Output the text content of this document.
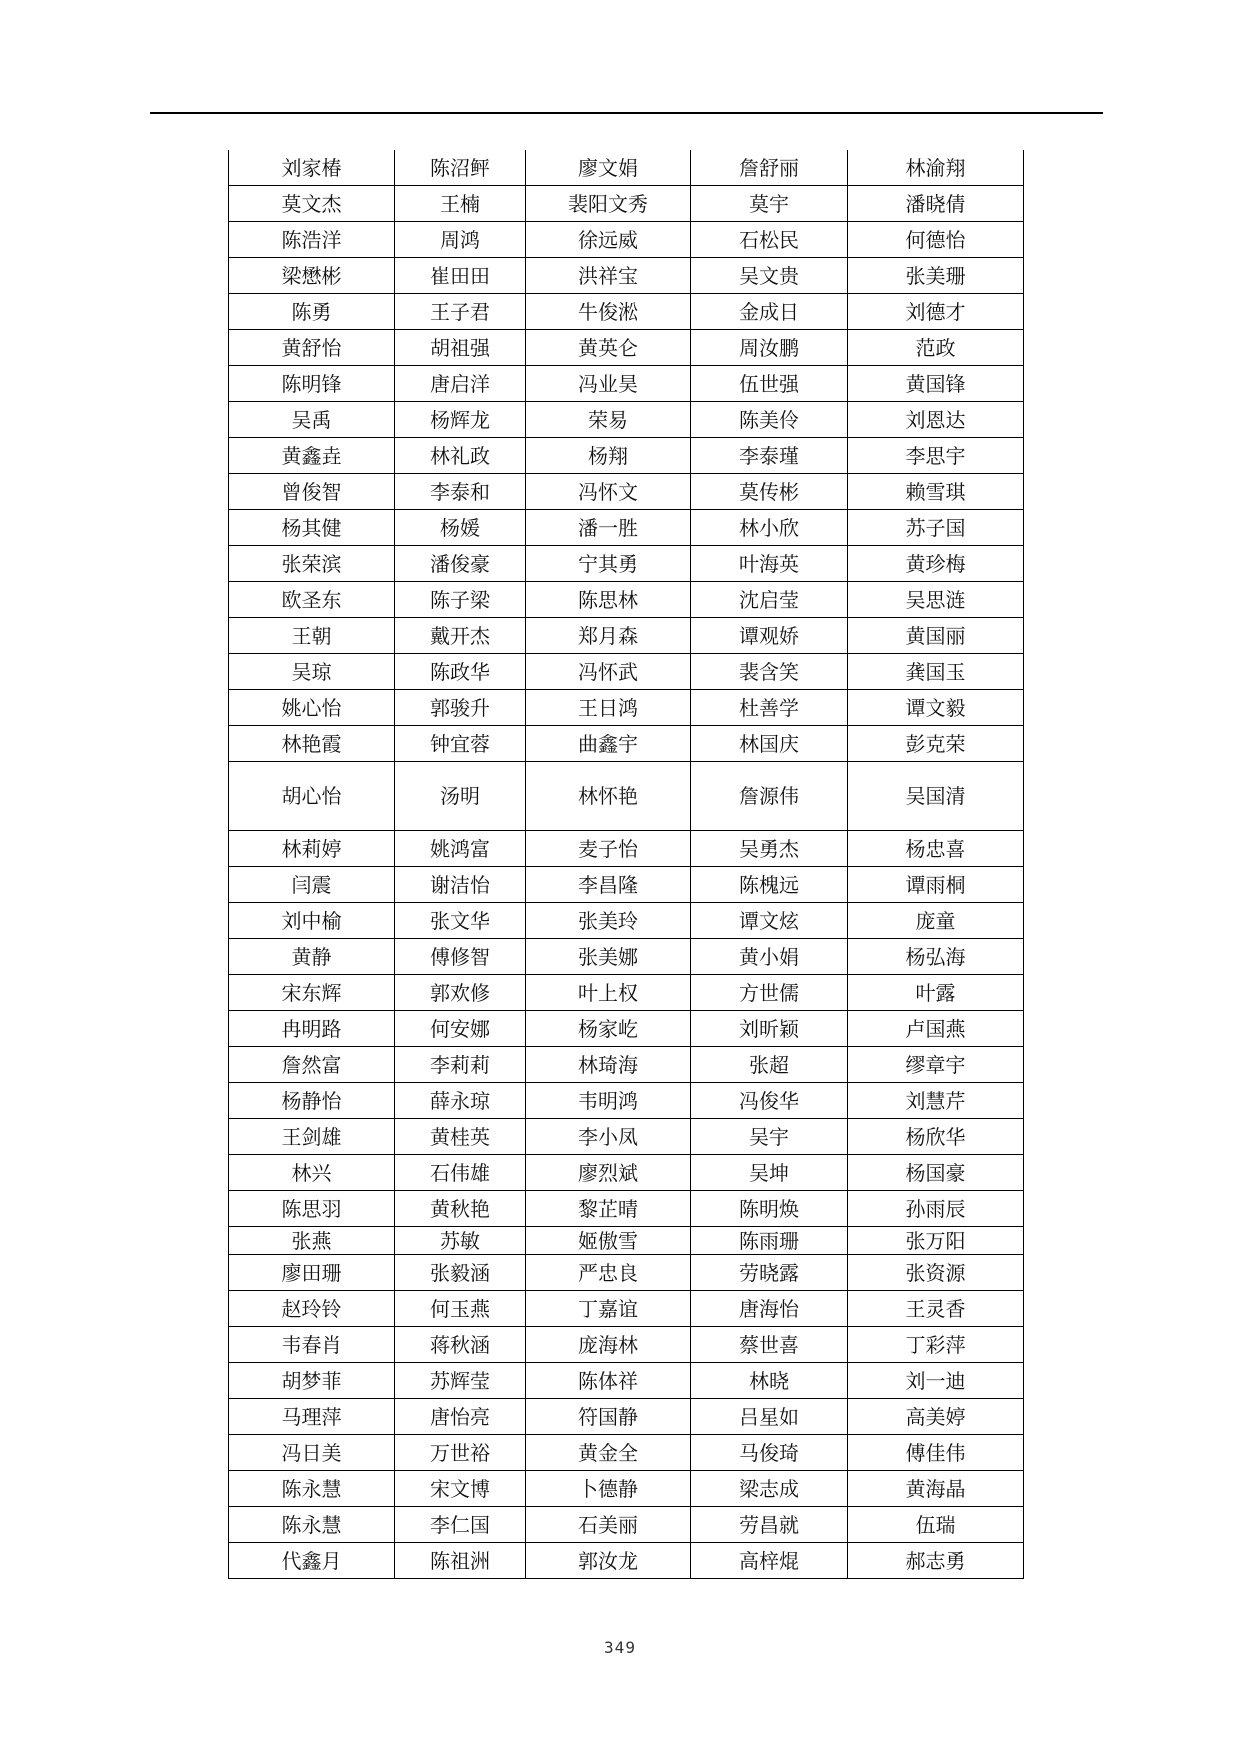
刘家椿	陈沼鲆	廖文娟	詹舒丽	林渝翔
莫文杰	王楠	裴阳文秀	莫宇	潘晓倩
陈浩洋	周鸿	徐远威	石松民	何德怡
梁懋彬	崔田田	洪祥宝	吴文贵	张美珊
陈勇	王子君	牛俊淞	金成日	刘德才
黄舒怡	胡祖强	黄英仑	周汝鹏	范政
陈明锋	唐启洋	冯业昊	伍世强	黄国锋
吴禹	杨辉龙	荣易	陈美伶	刘恩达
黄鑫垚	林礼政	杨翔	李泰瑾	李思宇
曾俊智	李泰和	冯怀文	莫传彬	赖雪琪
杨其健	杨媛	潘一胜	林小欣	苏子国
张荣滨	潘俊豪	宁其勇	叶海英	黄珍梅
欧圣东	陈子梁	陈思林	沈启莹	吴思涟
王朝	戴开杰	郑月森	谭观娇	黄国丽
吴琼	陈政华	冯怀武	裴含笑	龚国玉
姚心怡	郭骏升	王日鸿	杜善学	谭文毅
林艳霞	钟宜蓉	曲鑫宇	林国庆	彭克荣
胡心怡	汤明	林怀艳	詹源伟	吴国清
林莉婷	姚鸿富	麦子怡	吴勇杰	杨忠喜
闫震	谢洁怡	李昌隆	陈槐远	谭雨桐
刘中榆	张文华	张美玲	谭文炫	庞童
黄静	傅修智	张美娜	黄小娟	杨弘海
宋东辉	郭欢修	叶上权	方世儒	叶露
冉明路	何安娜	杨家屹	刘昕颖	卢国燕
詹然富	李莉莉	林琦海	张超	缪章宇
杨静怡	薛永琼	韦明鸿	冯俊华	刘慧芹
王剑雄	黄桂英	李小凤	吴宇	杨欣华
林兴	石伟雄	廖烈斌	吴坤	杨国豪
陈思羽	黄秋艳	黎芷晴	陈明焕	孙雨辰
张燕	苏敏	姬傲雪	陈雨珊	张万阳
廖田珊	张毅涵	严忠良	劳晓露	张资源
赵玲铃	何玉燕	丁嘉谊	唐海怡	王灵香
韦春肖	蒋秋涵	庞海林	蔡世喜	丁彩萍
胡梦菲	苏辉莹	陈体祥	林晓	刘一迪
马理萍	唐怡亮	符国静	吕星如	高美婷
冯日美	万世裕	黄金全	马俊琦	傅佳伟
陈永慧	宋文博	卜德静	梁志成	黄海晶
陈永慧	李仁国	石美丽	劳昌就	伍瑞
代鑫月	陈祖洲	郭汝龙	高梓焜	郝志勇
349
